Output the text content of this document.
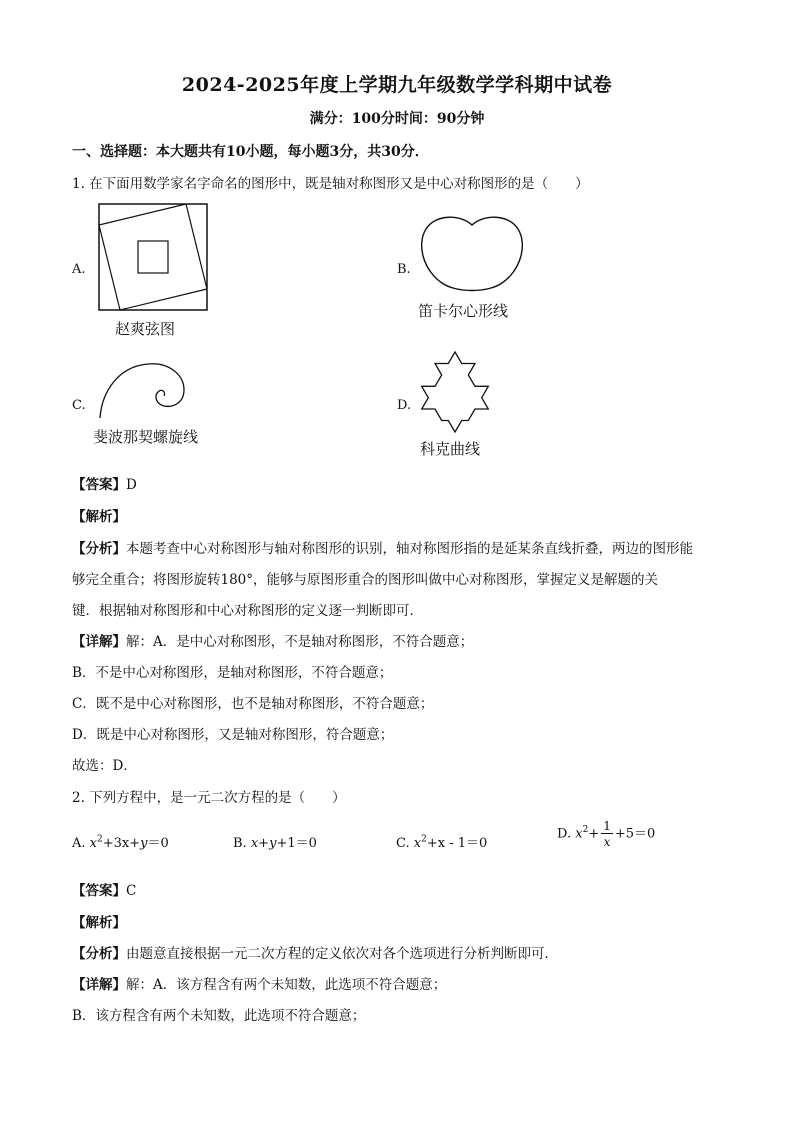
2024-2025年度上学期九年级数学学科期中试卷
满分：100分时间：90分钟
一、选择题：本大题共有10小题，每小题3分，共30分．
1. 在下面用数学家名字命名的图形中，既是轴对称图形又是中心对称图形的是（　　）
A.
赵爽弦图
B.
笛卡尔心形线
C.
斐波那契螺旋线
D.
科克曲线
【答案】D
【解析】
【分析】本题考查中心对称图形与轴对称图形的识别，轴对称图形指的是延某条直线折叠，两边的图形能
够完全重合；将图形旋转180°，能够与原图形重合的图形叫做中心对称图形，掌握定义是解题的关
键．根据轴对称图形和中心对称图形的定义逐一判断即可．
【详解】解：A．是中心对称图形，不是轴对称图形，不符合题意；
B．不是中心对称图形，是轴对称图形，不符合题意；
C．既不是中心对称图形，也不是轴对称图形，不符合题意；
D．既是中心对称图形，又是轴对称图形，符合题意；
故选：D．
2. 下列方程中，是一元二次方程的是（　　）
A. $x^2+3x+y=0$	B. x+y+1＝0	C. $x^2+x - 1=0$
D. $x^2+ \frac{1}{x} +5=0$
【答案】C
【解析】
【分析】由题意直接根据一元二次方程的定义依次对各个选项进行分析判断即可．
【详解】解：A．该方程含有两个未知数，此选项不符合题意；
B．该方程含有两个未知数，此选项不符合题意；
